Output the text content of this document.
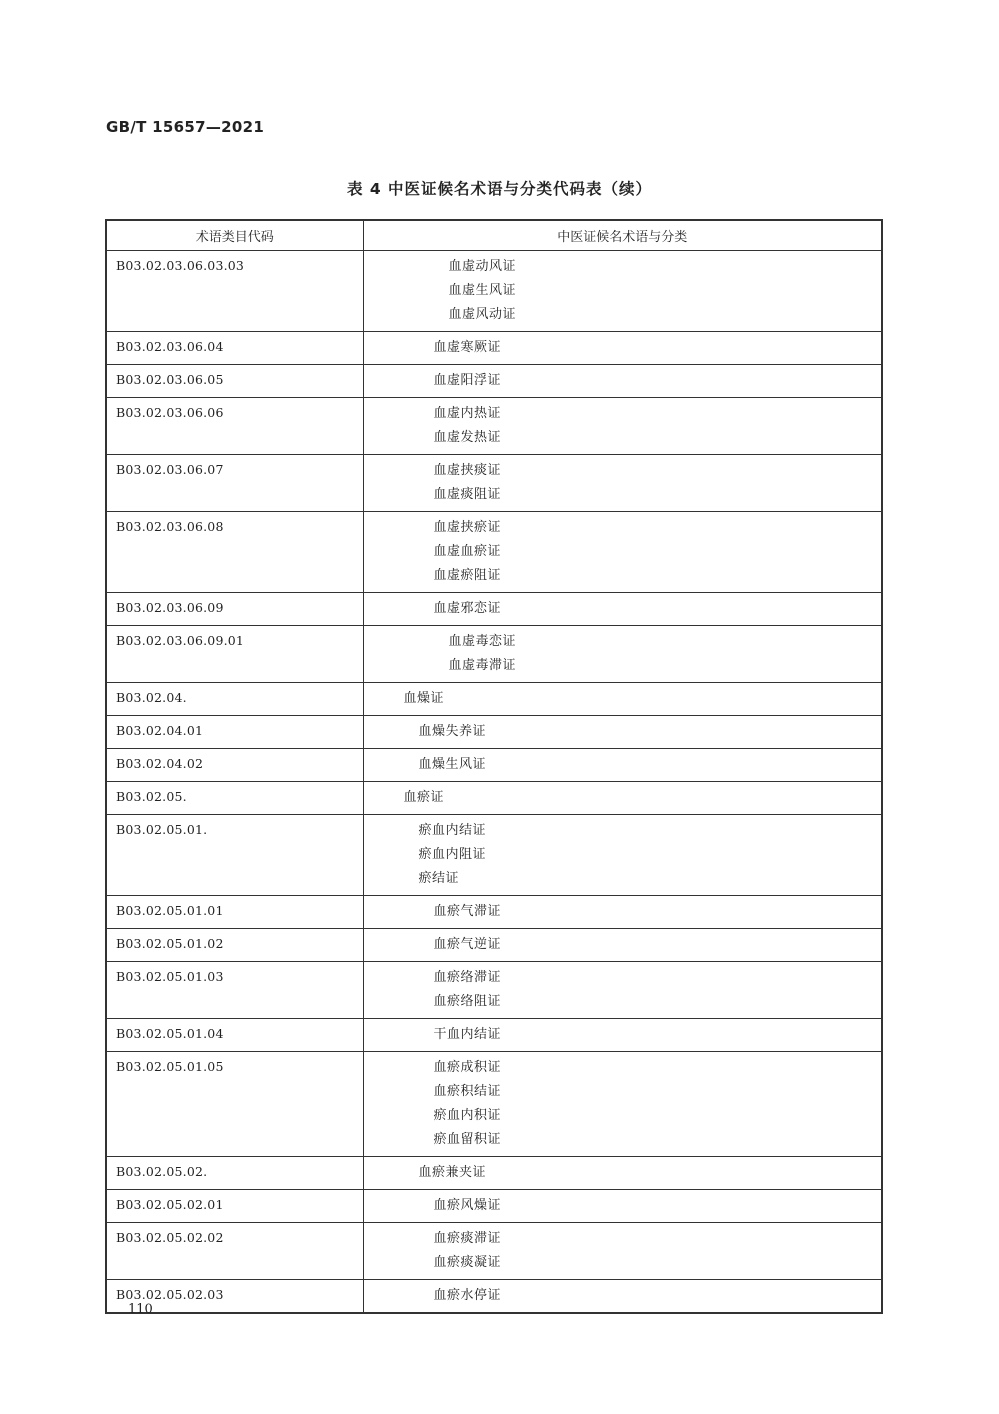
GB/T 15657—2021
表 4 中医证候名术语与分类代码表（续）
术语类目代码	中医证候名术语与分类
B03.02.03.06.03.03	血虚动风证
血虚生风证
血虚风动证

B03.02.03.06.04	血虚寒厥证

B03.02.03.06.05	血虚阳浮证

B03.02.03.06.06	血虚内热证
血虚发热证

B03.02.03.06.07	血虚挟痰证
血虚痰阻证

B03.02.03.06.08	血虚挟瘀证
血虚血瘀证
血虚瘀阻证

B03.02.03.06.09	血虚邪恋证

B03.02.03.06.09.01	血虚毒恋证
血虚毒滞证

B03.02.04.	血燥证

B03.02.04.01	血燥失养证

B03.02.04.02	血燥生风证

B03.02.05.	血瘀证

B03.02.05.01.	瘀血内结证
瘀血内阻证
瘀结证

B03.02.05.01.01	血瘀气滞证

B03.02.05.01.02	血瘀气逆证

B03.02.05.01.03	血瘀络滞证
血瘀络阻证

B03.02.05.01.04	干血内结证

B03.02.05.01.05	血瘀成积证
血瘀积结证
瘀血内积证
瘀血留积证

B03.02.05.02.	血瘀兼夹证

B03.02.05.02.01	血瘀风燥证

B03.02.05.02.02	血瘀痰滞证
血瘀痰凝证

B03.02.05.02.03	血瘀水停证
110
